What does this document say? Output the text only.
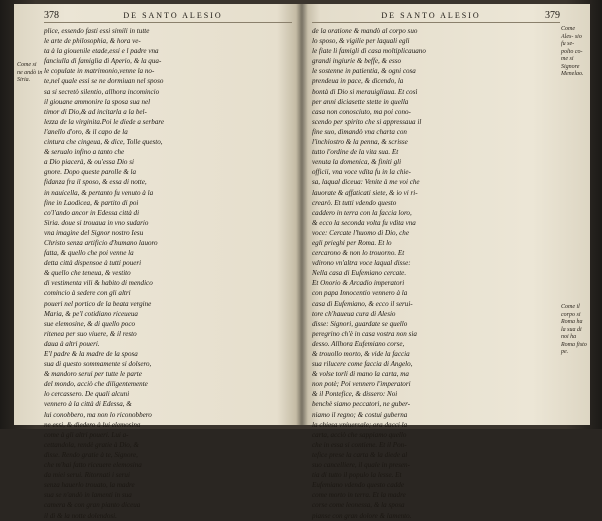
378	DE SANTO ALESIO
Come si ne andò in Siria.
plice, essendo fasti essi simili in tutte
le arte de philosophia, & hora ve-
ta à la giouenile etade,essi e l padre vna
fanciulla di famiglia di Aperio, & la qua-
le copulate in matrimonio,venne la no-
te,nel quale essi se ne dormiuan nel sposo
sa si secretò silentio, allhora incomincio
il giouane ammonire la sposa sua nel
timor di Dio,& ad incitarla a la bel-
lezza de la virginita.Poi le diede a serbare
l'anello d'oro, & il capo de la
cintura che cingeua, & dice, Tolle questo,
& serualo infino a tanto che
a Dio piacerà, & ou'essa Dio si
gnore. Dopo queste parolle & la
fidanza fra il sposo, & essa di notte,
in nauicella, & pertanto fu venuto à la
fine in Laodicea, & partito di poi
co'l'ando ancor in Edessa città di
Siria. doue si trouaua in vno sudario
vna imagine del Signor nostro Iesu
Christo senza artificio d'humano lauoro
fatta, & quello che poi venne la
detta città dispensoe à tutti poueri
& quello che teneua, & vestito
di vestimenta vili & habito di mendico
comincio à sedere con gli altri
poueri nel portico de la beata vergine
Maria, & pe'l cotidiano riceueua
sue elemosine, & di quello poco
ritenea per suo viuere, & il resto
daua à altri poueri.
E'l padre & la madre de la sposa
sua di questo sommamente si dolsero,
& mandoro serui per tutte le parte
del mondo, acciò che diligentemente
lo cercassero. De quali alcuni
vennero à la città di Edessa, &
lui conobbero, ma non lo riconobbero
ne essi, & diedero à lui elemosina
come à gli altri poueri. Lui a-
cettandola, rendè gratie à Dio, &
disse. Rendo gratie à te, Signore,
che m'hai fatto riceuere elemosina
da miei serui. Ritornati i serui
senza hauerlo trouato, la madre
sua se n'andò in lamenti in sua
camera & con gran pianto diceua
il di & la notte dolendosi.
DE SANTO ALESIO	379
Come il corpo si Roma ha la sua di noi ha Roma fisto pe.
Come Ales- sio fu se- polto co- me si Signore Menelao.
de la oratione & mandò al corpo suo
lo sposo, & vigilie per laquali egli
le fiate li famigli di casa moltiplicauano
grandi ingiurie & beffe, & esso
le sostenne in patientia, & ogni cosa
prendeua in pace, & dicendo, la
bontà di Dio si merauigliaua. Et così
per anni diciasette stette in quella
casa non conosciuto, ma poi cono-
scendo per spirito che si appressaua il
fine suo, dimandò vna charta con
l'inchiostro & la penna, & scrisse
tutto l'ordine de la vita sua. Et
venuta la domenica, & finiti gli
officii, vna voce vdita fu in la chie-
sa, laqual diceua: Venite à me voi che
lauorate & affaticati siete, & io vi ri-
crearò. Et tutti vdendo questo
caddero in terra con la faccia loro,
& ecco la seconda volta fu vdita vna
voce: Cercate l'huomo di Dio, che
egli prieghi per Roma. Et lo
cercarono & non lo trouorno. Et
vdirono vn'altra voce laqual disse:
Nella casa di Eufemiano cercate.
Et Onorio & Arcadio imperatori
con papa Innocentio vennero à la
casa di Eufemiano, & ecco il serui-
tore ch'haueua cura di Alesio
disse: Signori, guardate se quello
peregrino ch'è in casa vostra non sia
desso. Allhora Eufemiano corse,
& trouollo morto, & vide la faccia
sua rilucere come faccia di Angelo,
& volse torli di mano la carta, ma
non potè; Poi vennero l'imperatori
& il Pontefice, & dissero: Noi
benchè siamo peccatori, ne guber-
niamo il regno; & costui guberna
la chiesa vniuersale; ora dacci la
carta, acciò che sappiamo quello
che in essa si contiene. Et il Pon-
tefice prese la carta & la diede al
suo cancelliere, il quale in presen-
tia di tutto il populo la lesse. Et
Eufemiano vdendo questo cadde
come morto in terra. Et la madre
corse come leonessa, & la sposa
pianse con gran dolore & lamento.
